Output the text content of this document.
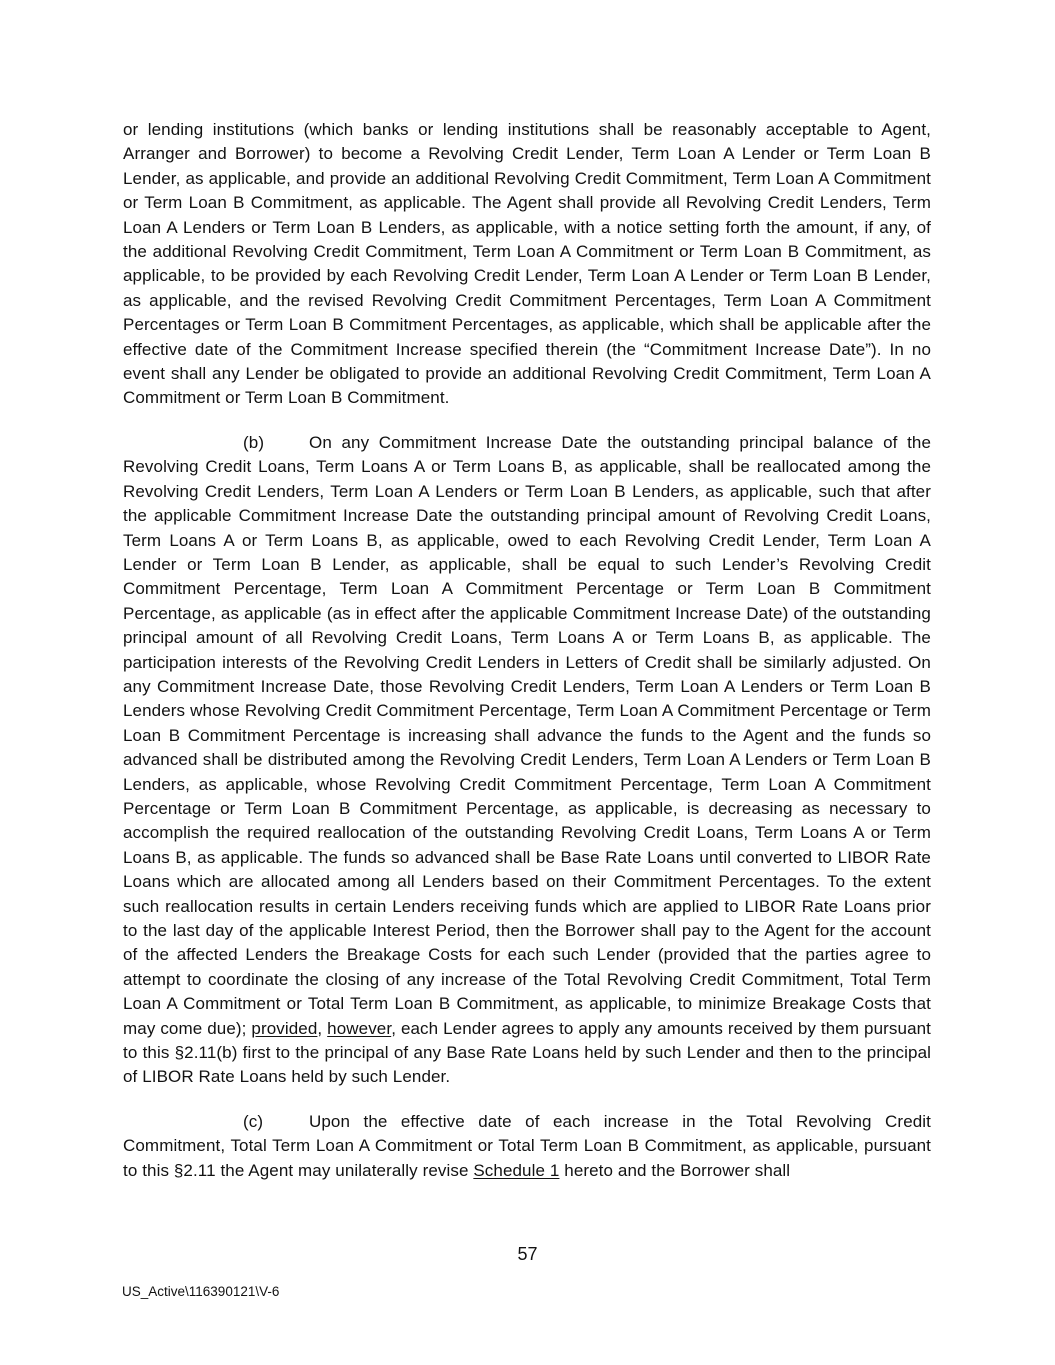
or lending institutions (which banks or lending institutions shall be reasonably acceptable to Agent, Arranger and Borrower) to become a Revolving Credit Lender, Term Loan A Lender or Term Loan B Lender, as applicable, and provide an additional Revolving Credit Commitment, Term Loan A Commitment or Term Loan B Commitment, as applicable. The Agent shall provide all Revolving Credit Lenders, Term Loan A Lenders or Term Loan B Lenders, as applicable, with a notice setting forth the amount, if any, of the additional Revolving Credit Commitment, Term Loan A Commitment or Term Loan B Commitment, as applicable, to be provided by each Revolving Credit Lender, Term Loan A Lender or Term Loan B Lender, as applicable, and the revised Revolving Credit Commitment Percentages, Term Loan A Commitment Percentages or Term Loan B Commitment Percentages, as applicable, which shall be applicable after the effective date of the Commitment Increase specified therein (the “Commitment Increase Date”). In no event shall any Lender be obligated to provide an additional Revolving Credit Commitment, Term Loan A Commitment or Term Loan B Commitment.

(b)	On any Commitment Increase Date the outstanding principal balance of the Revolving Credit Loans, Term Loans A or Term Loans B, as applicable, shall be reallocated among the Revolving Credit Lenders, Term Loan A Lenders or Term Loan B Lenders, as applicable, such that after the applicable Commitment Increase Date the outstanding principal amount of Revolving Credit Loans, Term Loans A or Term Loans B, as applicable, owed to each Revolving Credit Lender, Term Loan A Lender or Term Loan B Lender, as applicable, shall be equal to such Lender’s Revolving Credit Commitment Percentage, Term Loan A Commitment Percentage or Term Loan B Commitment Percentage, as applicable (as in effect after the applicable Commitment Increase Date) of the outstanding principal amount of all Revolving Credit Loans, Term Loans A or Term Loans B, as applicable. The participation interests of the Revolving Credit Lenders in Letters of Credit shall be similarly adjusted. On any Commitment Increase Date, those Revolving Credit Lenders, Term Loan A Lenders or Term Loan B Lenders whose Revolving Credit Commitment Percentage, Term Loan A Commitment Percentage or Term Loan B Commitment Percentage is increasing shall advance the funds to the Agent and the funds so advanced shall be distributed among the Revolving Credit Lenders, Term Loan A Lenders or Term Loan B Lenders, as applicable, whose Revolving Credit Commitment Percentage, Term Loan A Commitment Percentage or Term Loan B Commitment Percentage, as applicable, is decreasing as necessary to accomplish the required reallocation of the outstanding Revolving Credit Loans, Term Loans A or Term Loans B, as applicable. The funds so advanced shall be Base Rate Loans until converted to LIBOR Rate Loans which are allocated among all Lenders based on their Commitment Percentages. To the extent such reallocation results in certain Lenders receiving funds which are applied to LIBOR Rate Loans prior to the last day of the applicable Interest Period, then the Borrower shall pay to the Agent for the account of the affected Lenders the Breakage Costs for each such Lender (provided that the parties agree to attempt to coordinate the closing of any increase of the Total Revolving Credit Commitment, Total Term Loan A Commitment or Total Term Loan B Commitment, as applicable, to minimize Breakage Costs that may come due); provided, however, each Lender agrees to apply any amounts received by them pursuant to this §2.11(b) first to the principal of any Base Rate Loans held by such Lender and then to the principal of LIBOR Rate Loans held by such Lender.

(c)	Upon the effective date of each increase in the Total Revolving Credit Commitment, Total Term Loan A Commitment or Total Term Loan B Commitment, as applicable, pursuant to this §2.11 the Agent may unilaterally revise Schedule 1 hereto and the Borrower shall

57
US_Active\116390121\V-6
